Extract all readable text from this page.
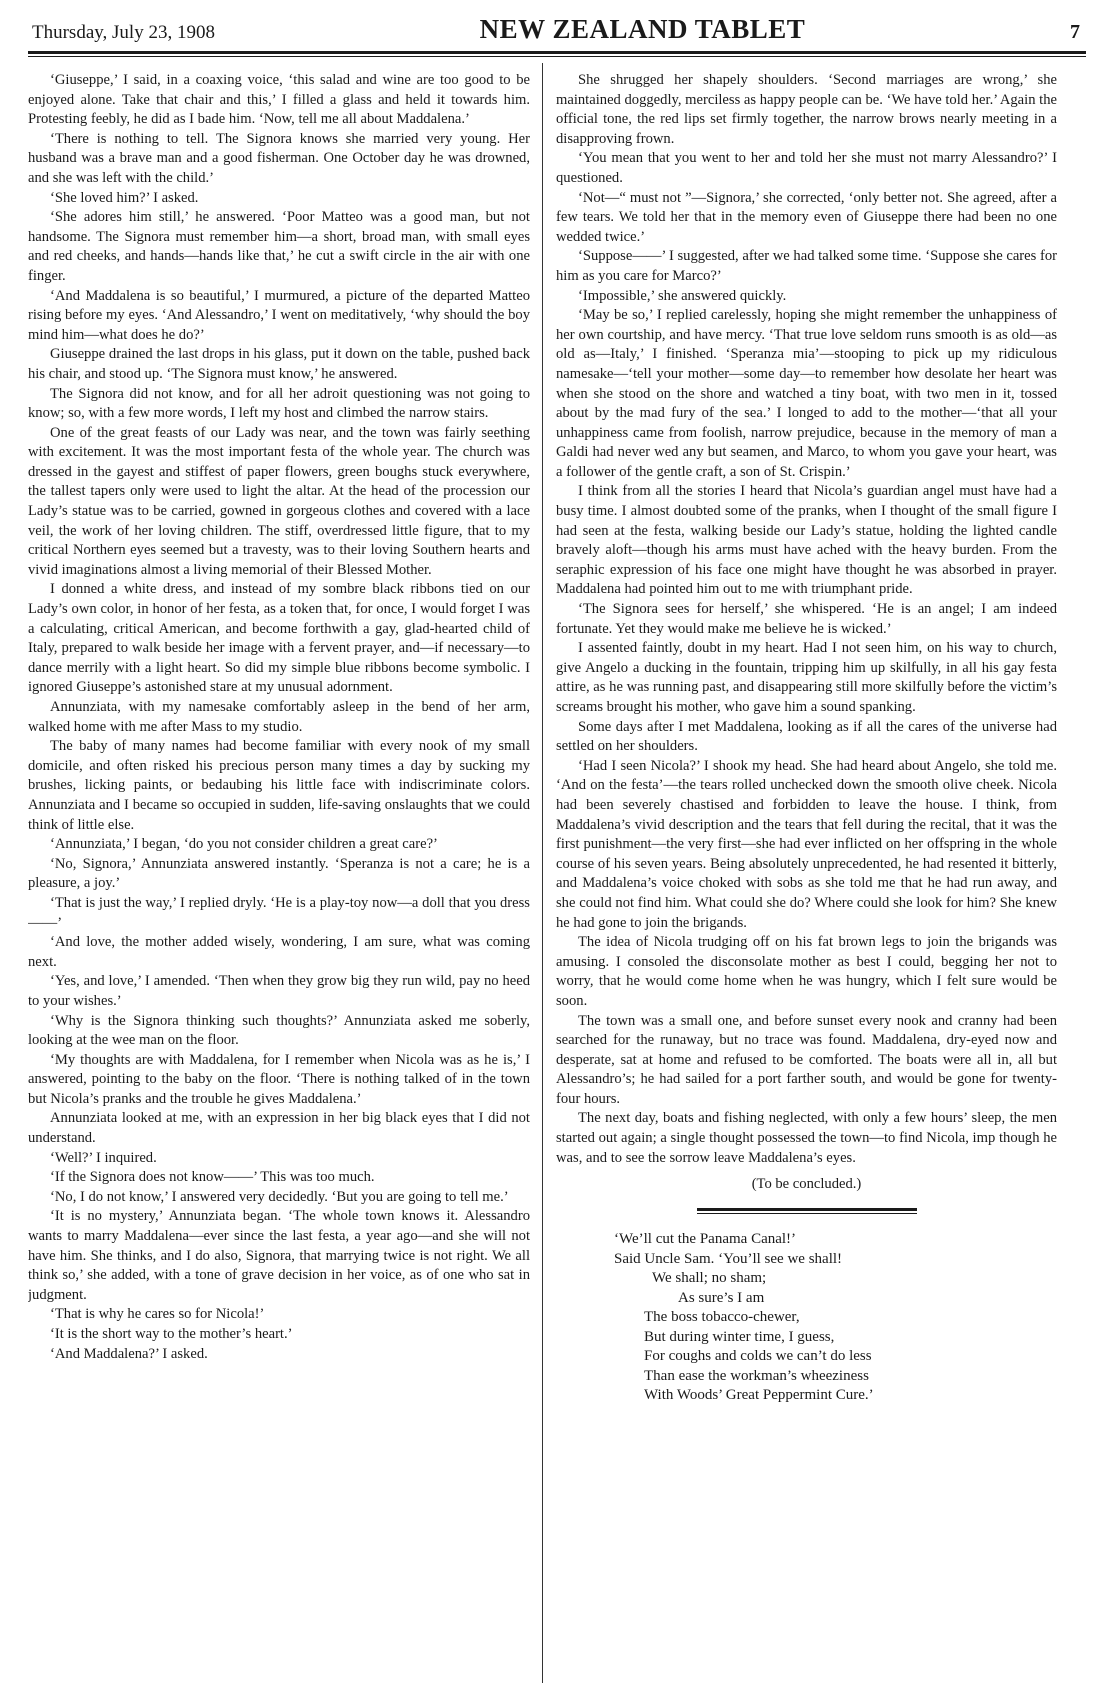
Thursday, July 23, 1908	NEW ZEALAND TABLET	7

‘Giuseppe,’ I said, in a coaxing voice, ‘this salad and wine are too good to be enjoyed alone. Take that chair and this,’ I filled a glass and held it towards him. Protesting feebly, he did as I bade him. ‘Now, tell me all about Maddalena.’

‘There is nothing to tell. The Signora knows she married very young. Her husband was a brave man and a good fisherman. One October day he was drowned, and she was left with the child.’

‘She loved him?’ I asked.

‘She adores him still,’ he answered. ‘Poor Matteo was a good man, but not handsome. The Signora must remember him—a short, broad man, with small eyes and red cheeks, and hands—hands like that,’ he cut a swift circle in the air with one finger.

‘And Maddalena is so beautiful,’ I murmured, a picture of the departed Matteo rising before my eyes. ‘And Alessandro,’ I went on meditatively, ‘why should the boy mind him—what does he do?’

Giuseppe drained the last drops in his glass, put it down on the table, pushed back his chair, and stood up. ‘The Signora must know,’ he answered.

The Signora did not know, and for all her adroit questioning was not going to know; so, with a few more words, I left my host and climbed the narrow stairs.

One of the great feasts of our Lady was near, and the town was fairly seething with excitement. It was the most important festa of the whole year. The church was dressed in the gayest and stiffest of paper flowers, green boughs stuck everywhere, the tallest tapers only were used to light the altar. At the head of the procession our Lady’s statue was to be carried, gowned in gorgeous clothes and covered with a lace veil, the work of her loving children. The stiff, overdressed little figure, that to my critical Northern eyes seemed but a travesty, was to their loving Southern hearts and vivid imaginations almost a living memorial of their Blessed Mother.

I donned a white dress, and instead of my sombre black ribbons tied on our Lady’s own color, in honor of her festa, as a token that, for once, I would forget I was a calculating, critical American, and become forthwith a gay, glad-hearted child of Italy, prepared to walk beside her image with a fervent prayer, and—if necessary—to dance merrily with a light heart. So did my simple blue ribbons become symbolic. I ignored Giuseppe’s astonished stare at my unusual adornment.

Annunziata, with my namesake comfortably asleep in the bend of her arm, walked home with me after Mass to my studio.

The baby of many names had become familiar with every nook of my small domicile, and often risked his precious person many times a day by sucking my brushes, licking paints, or bedaubing his little face with indiscriminate colors. Annunziata and I became so occupied in sudden, life-saving onslaughts that we could think of little else.

‘Annunziata,’ I began, ‘do you not consider children a great care?’

‘No, Signora,’ Annunziata answered instantly. ‘Speranza is not a care; he is a pleasure, a joy.’

‘That is just the way,’ I replied dryly. ‘He is a play-toy now—a doll that you dress——’

‘And love, the mother added wisely, wondering, I am sure, what was coming next.

‘Yes, and love,’ I amended. ‘Then when they grow big they run wild, pay no heed to your wishes.’

‘Why is the Signora thinking such thoughts?’ Annunziata asked me soberly, looking at the wee man on the floor.

‘My thoughts are with Maddalena, for I remember when Nicola was as he is,’ I answered, pointing to the baby on the floor. ‘There is nothing talked of in the town but Nicola’s pranks and the trouble he gives Maddalena.’

Annunziata looked at me, with an expression in her big black eyes that I did not understand.

‘Well?’ I inquired.

‘If the Signora does not know——’ This was too much.

‘No, I do not know,’ I answered very decidedly. ‘But you are going to tell me.’

‘It is no mystery,’ Annunziata began. ‘The whole town knows it. Alessandro wants to marry Maddalena—ever since the last festa, a year ago—and she will not have him. She thinks, and I do also, Signora, that marrying twice is not right. We all think so,’ she added, with a tone of grave decision in her voice, as of one who sat in judgment.

‘That is why he cares so for Nicola!’

‘It is the short way to the mother’s heart.’

‘And Maddalena?’ I asked.

She shrugged her shapely shoulders. ‘Second marriages are wrong,’ she maintained doggedly, merciless as happy people can be. ‘We have told her.’ Again the official tone, the red lips set firmly together, the narrow brows nearly meeting in a disapproving frown.

‘You mean that you went to her and told her she must not marry Alessandro?’ I questioned.

‘Not—“ must not ”—Signora,’ she corrected, ‘only better not. She agreed, after a few tears. We told her that in the memory even of Giuseppe there had been no one wedded twice.’

‘Suppose——’ I suggested, after we had talked some time. ‘Suppose she cares for him as you care for Marco?’

‘Impossible,’ she answered quickly.

‘May be so,’ I replied carelessly, hoping she might remember the unhappiness of her own courtship, and have mercy. ‘That true love seldom runs smooth is as old—as old as—Italy,’ I finished. ‘Speranza mia’—stooping to pick up my ridiculous namesake—‘tell your mother—some day—to remember how desolate her heart was when she stood on the shore and watched a tiny boat, with two men in it, tossed about by the mad fury of the sea.’ I longed to add to the mother—‘that all your unhappiness came from foolish, narrow prejudice, because in the memory of man a Galdi had never wed any but seamen, and Marco, to whom you gave your heart, was a follower of the gentle craft, a son of St. Crispin.’

I think from all the stories I heard that Nicola’s guardian angel must have had a busy time. I almost doubted some of the pranks, when I thought of the small figure I had seen at the festa, walking beside our Lady’s statue, holding the lighted candle bravely aloft—though his arms must have ached with the heavy burden. From the seraphic expression of his face one might have thought he was absorbed in prayer. Maddalena had pointed him out to me with triumphant pride.

‘The Signora sees for herself,’ she whispered. ‘He is an angel; I am indeed fortunate. Yet they would make me believe he is wicked.’

I assented faintly, doubt in my heart. Had I not seen him, on his way to church, give Angelo a ducking in the fountain, tripping him up skilfully, in all his gay festa attire, as he was running past, and disappearing still more skilfully before the victim’s screams brought his mother, who gave him a sound spanking.

Some days after I met Maddalena, looking as if all the cares of the universe had settled on her shoulders.

‘Had I seen Nicola?’ I shook my head. She had heard about Angelo, she told me. ‘And on the festa’—the tears rolled unchecked down the smooth olive cheek. Nicola had been severely chastised and forbidden to leave the house. I think, from Maddalena’s vivid description and the tears that fell during the recital, that it was the first punishment—the very first—she had ever inflicted on her offspring in the whole course of his seven years. Being absolutely unprecedented, he had resented it bitterly, and Maddalena’s voice choked with sobs as she told me that he had run away, and she could not find him. What could she do? Where could she look for him? She knew he had gone to join the brigands.

The idea of Nicola trudging off on his fat brown legs to join the brigands was amusing. I consoled the disconsolate mother as best I could, begging her not to worry, that he would come home when he was hungry, which I felt sure would be soon.

The town was a small one, and before sunset every nook and cranny had been searched for the runaway, but no trace was found. Maddalena, dry-eyed now and desperate, sat at home and refused to be comforted. The boats were all in, all but Alessandro’s; he had sailed for a port farther south, and would be gone for twenty-four hours.

The next day, boats and fishing neglected, with only a few hours’ sleep, the men started out again; a single thought possessed the town—to find Nicola, imp though he was, and to see the sorrow leave Maddalena’s eyes.

(To be concluded.)
‘We’ll cut the Panama Canal!’
Said Uncle Sam. ‘You’ll see we shall!
We shall; no sham;
As sure’s I am
The boss tobacco-chewer,
But during winter time, I guess,
For coughs and colds we can’t do less
Than ease the workman’s wheeziness
With Woods’ Great Peppermint Cure.’
